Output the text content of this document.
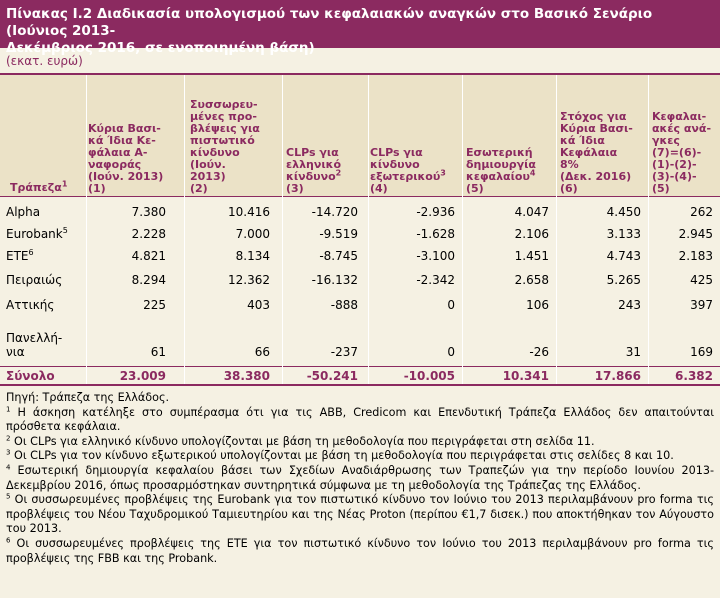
Πίνακας Ι.2 Διαδικασία υπολογισμού των κεφαλαιακών αναγκών στο Βασικό Σενάριο (Ιούνιος 2013-
Δεκέμβριος 2016, σε ενοποιημένη βάση)
(εκατ. ευρώ)
Τράπεζα$^1$
Κύρια Βασι-
κά Ίδια Κε-
φάλαια Α-
ναφοράς
(Ιούν. 2013)
(1)
Συσσωρευ-
μένες προ-
βλέψεις για
πιστωτικό
κίνδυνο
(Ιούν.
2013)
(2)
CLPs για
ελληνικό
κίνδυνο$^2$
(3)
CLPs για
κίνδυνο
εξωτερικού$^3$
(4)
Εσωτερική
δημιουργία
κεφαλαίου$^4$
(5)
Στόχος για
Κύρια Βασι-
κά Ίδια
Κεφάλαια
8%
(Δεκ. 2016)
(6)
Κεφαλαι-
ακές ανά-
γκες
(7)=(6)-
(1)-(2)-
(3)-(4)-
(5)
Alpha	7.380	10.416	-14.720	-2.936	4.047	4.450	262
Eurobank$^5$	2.228	7.000	-9.519	-1.628	2.106	3.133	2.945
ΕΤΕ$^6$	4.821	8.134	-8.745	-3.100	1.451	4.743	2.183
Πειραιώς	8.294	12.362	-16.132	-2.342	2.658	5.265	425
Αττικής	225	403	-888	0	106	243	397
Πανελλή-
νια	61	66	-237	0	-26	31	169
Σύνολο	23.009	38.380	-50.241	-10.005	10.341	17.866	6.382

Πηγή: Τράπεζα της Ελλάδος.

$^1$ Η άσκηση κατέληξε στο συμπέρασμα ότι για τις ABB, Credicom και Επενδυτική Τράπεζα Ελλάδος δεν απαιτούνται πρόσθετα κεφάλαια.

$^2$ Οι CLPs για ελληνικό κίνδυνο υπολογίζονται με βάση τη μεθοδολογία που περιγράφεται στη σελίδα 11.

$^3$ Οι CLPs για τον κίνδυνο εξωτερικού υπολογίζονται με βάση τη μεθοδολογία που περιγράφεται στις σελίδες 8 και 10.

$^4$ Εσωτερική δημιουργία κεφαλαίου βάσει των Σχεδίων Αναδιάρθρωσης των Τραπεζών για την περίοδο Ιουνίου 2013-Δεκεμβρίου 2016, όπως προσαρμόστηκαν συντηρητικά σύμφωνα με τη μεθοδολογία της Τράπεζας της Ελλάδος.

$^5$ Οι συσσωρευμένες προβλέψεις της Eurobank για τον πιστωτικό κίνδυνο τον Ιούνιο του 2013 περιλαμβάνουν pro forma τις προβλέψεις του Νέου Ταχυδρομικού Ταμιευτηρίου και της Νέας Proton (περίπου €1,7 δισεκ.) που αποκτήθηκαν τον Αύγουστο του 2013.

$^6$ Οι συσσωρευμένες προβλέψεις της ΕΤΕ για τον πιστωτικό κίνδυνο τον Ιούνιο του 2013 περιλαμβάνουν pro forma τις προβλέψεις της FBB και της Probank.
